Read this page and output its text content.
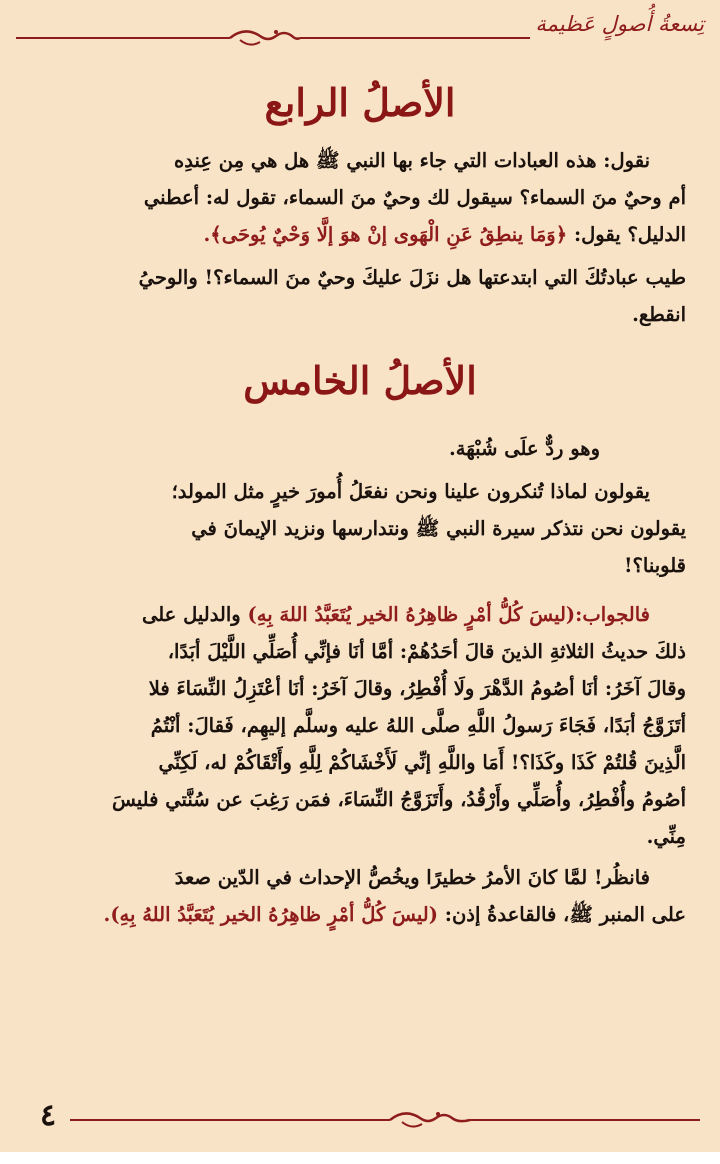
تِسعةُ أُصولٍ عَظيمة
الأصلُ الرابع
نقول: هذه العبادات التي جاء بها النبي ﷺ هل هي مِن عِندِه
أم وحيٌ منَ السماء؟ سيقول لك وحيٌ منَ السماء، تقول له: أعطني
الدليل؟ يقول: ﴿وَمَا ينطِقُ عَنِ الْهَوى إنْ هوَ إلَّا وَحْيٌ يُوحَى﴾.
طيب عبادتُكَ التي ابتدعتها هل نزَلَ عليكَ وحيٌ منَ السماء؟! والوحيُ
انقطع.
الأصلُ الخامس
وهو ردٌّ علَى شُبْهَة.
يقولون لماذا تُنكرون علينا ونحن نفعَلُ أُمورَ خيرٍ مثل المولد؛
يقولون نحن نتذكر سيرة النبي ﷺ ونتدارسها ونزيد الإيمانَ في
قلوبنا؟!
فالجواب:(ليسَ كُلُّ أمْرٍ ظاهِرُهُ الخير يُتَعَبَّدُ اللهَ بِهِ) والدليل على
ذلكَ حديثُ الثلاثةِ الذينَ قالَ أحَدُهُمْ: أمَّا أنَا فإنِّي أُصَلِّي اللَّيْلَ أبَدًا،
وقالَ آخَرُ: أنَا أصُومُ الدَّهْرَ ولَا أُفْطِرُ، وقالَ آخَرُ: أنَا أعْتَزِلُ النِّسَاءَ فلا
أتَزَوَّجُ أبَدًا، فَجَاءَ رَسولُ اللَّهِ صلَّى اللهُ عليه وسلَّم إليهِم، فَقالَ: أنْتُمُ
الَّذِينَ قُلتُمْ كَذَا وكَذَا؟! أَمَا واللَّهِ إنِّي لَأَخْشَاكُمْ لِلَّهِ وأَتْقَاكُمْ له، لَكِنِّي
أصُومُ وأُفْطِرُ، وأُصَلِّي وأَرْقُدُ، وأَتَزَوَّجُ النِّسَاءَ، فمَن رَغِبَ عن سُنَّتي فليسَ
مِنِّي.
فانظُر! لمَّا كانَ الأمرُ خطيرًا ويخُصُّ الإحداث في الدّين صعدَ
على المنبر ﷺ، فالقاعدةُ إذن: (ليسَ كُلُّ أمْرٍ ظاهِرُهُ الخير يُتَعَبَّدُ اللهُ بِهِ).
٤
